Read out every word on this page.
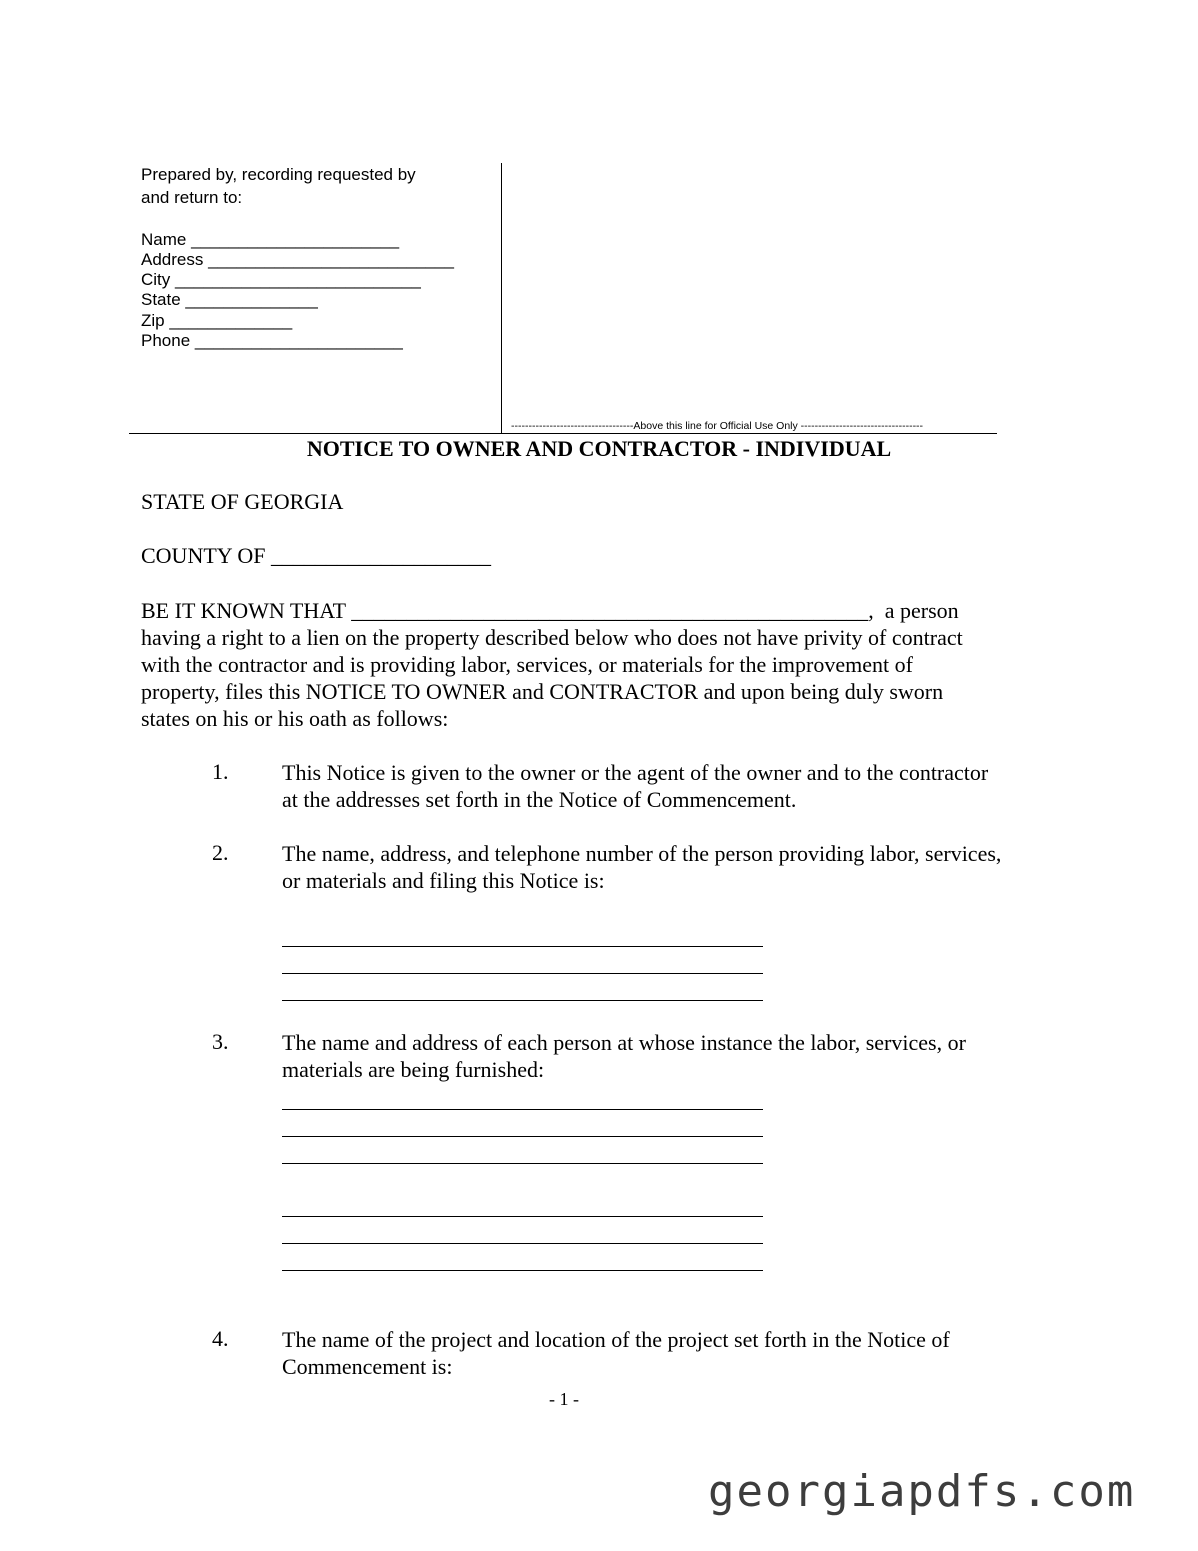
Prepared by, recording requested by
and return to:
Name ______________________
Address __________________________
City __________________________
State ______________
Zip _____________
Phone ______________________
-----------------------------------Above this line for Official Use Only -----------------------------------
NOTICE TO OWNER AND CONTRACTOR - INDIVIDUAL
STATE OF GEORGIA
COUNTY OF ____________________
BE IT KNOWN THAT _______________________________________________,  a person
having a right to a lien on the property described below who does not have privity of contract
with the contractor and is providing labor, services, or materials for the improvement of
property, files this NOTICE TO OWNER and CONTRACTOR and upon being duly sworn
states on his or his oath as follows:
1. This Notice is given to the owner or the agent of the owner and to the contractor
at the addresses set forth in the Notice of Commencement.
2. The name, address, and telephone number of the person providing labor, services,
or materials and filing this Notice is:
3. The name and address of each person at whose instance the labor, services, or
materials are being furnished:
4. The name of the project and location of the project set forth in the Notice of
Commencement is:
- 1 -
georgiapdfs.com
